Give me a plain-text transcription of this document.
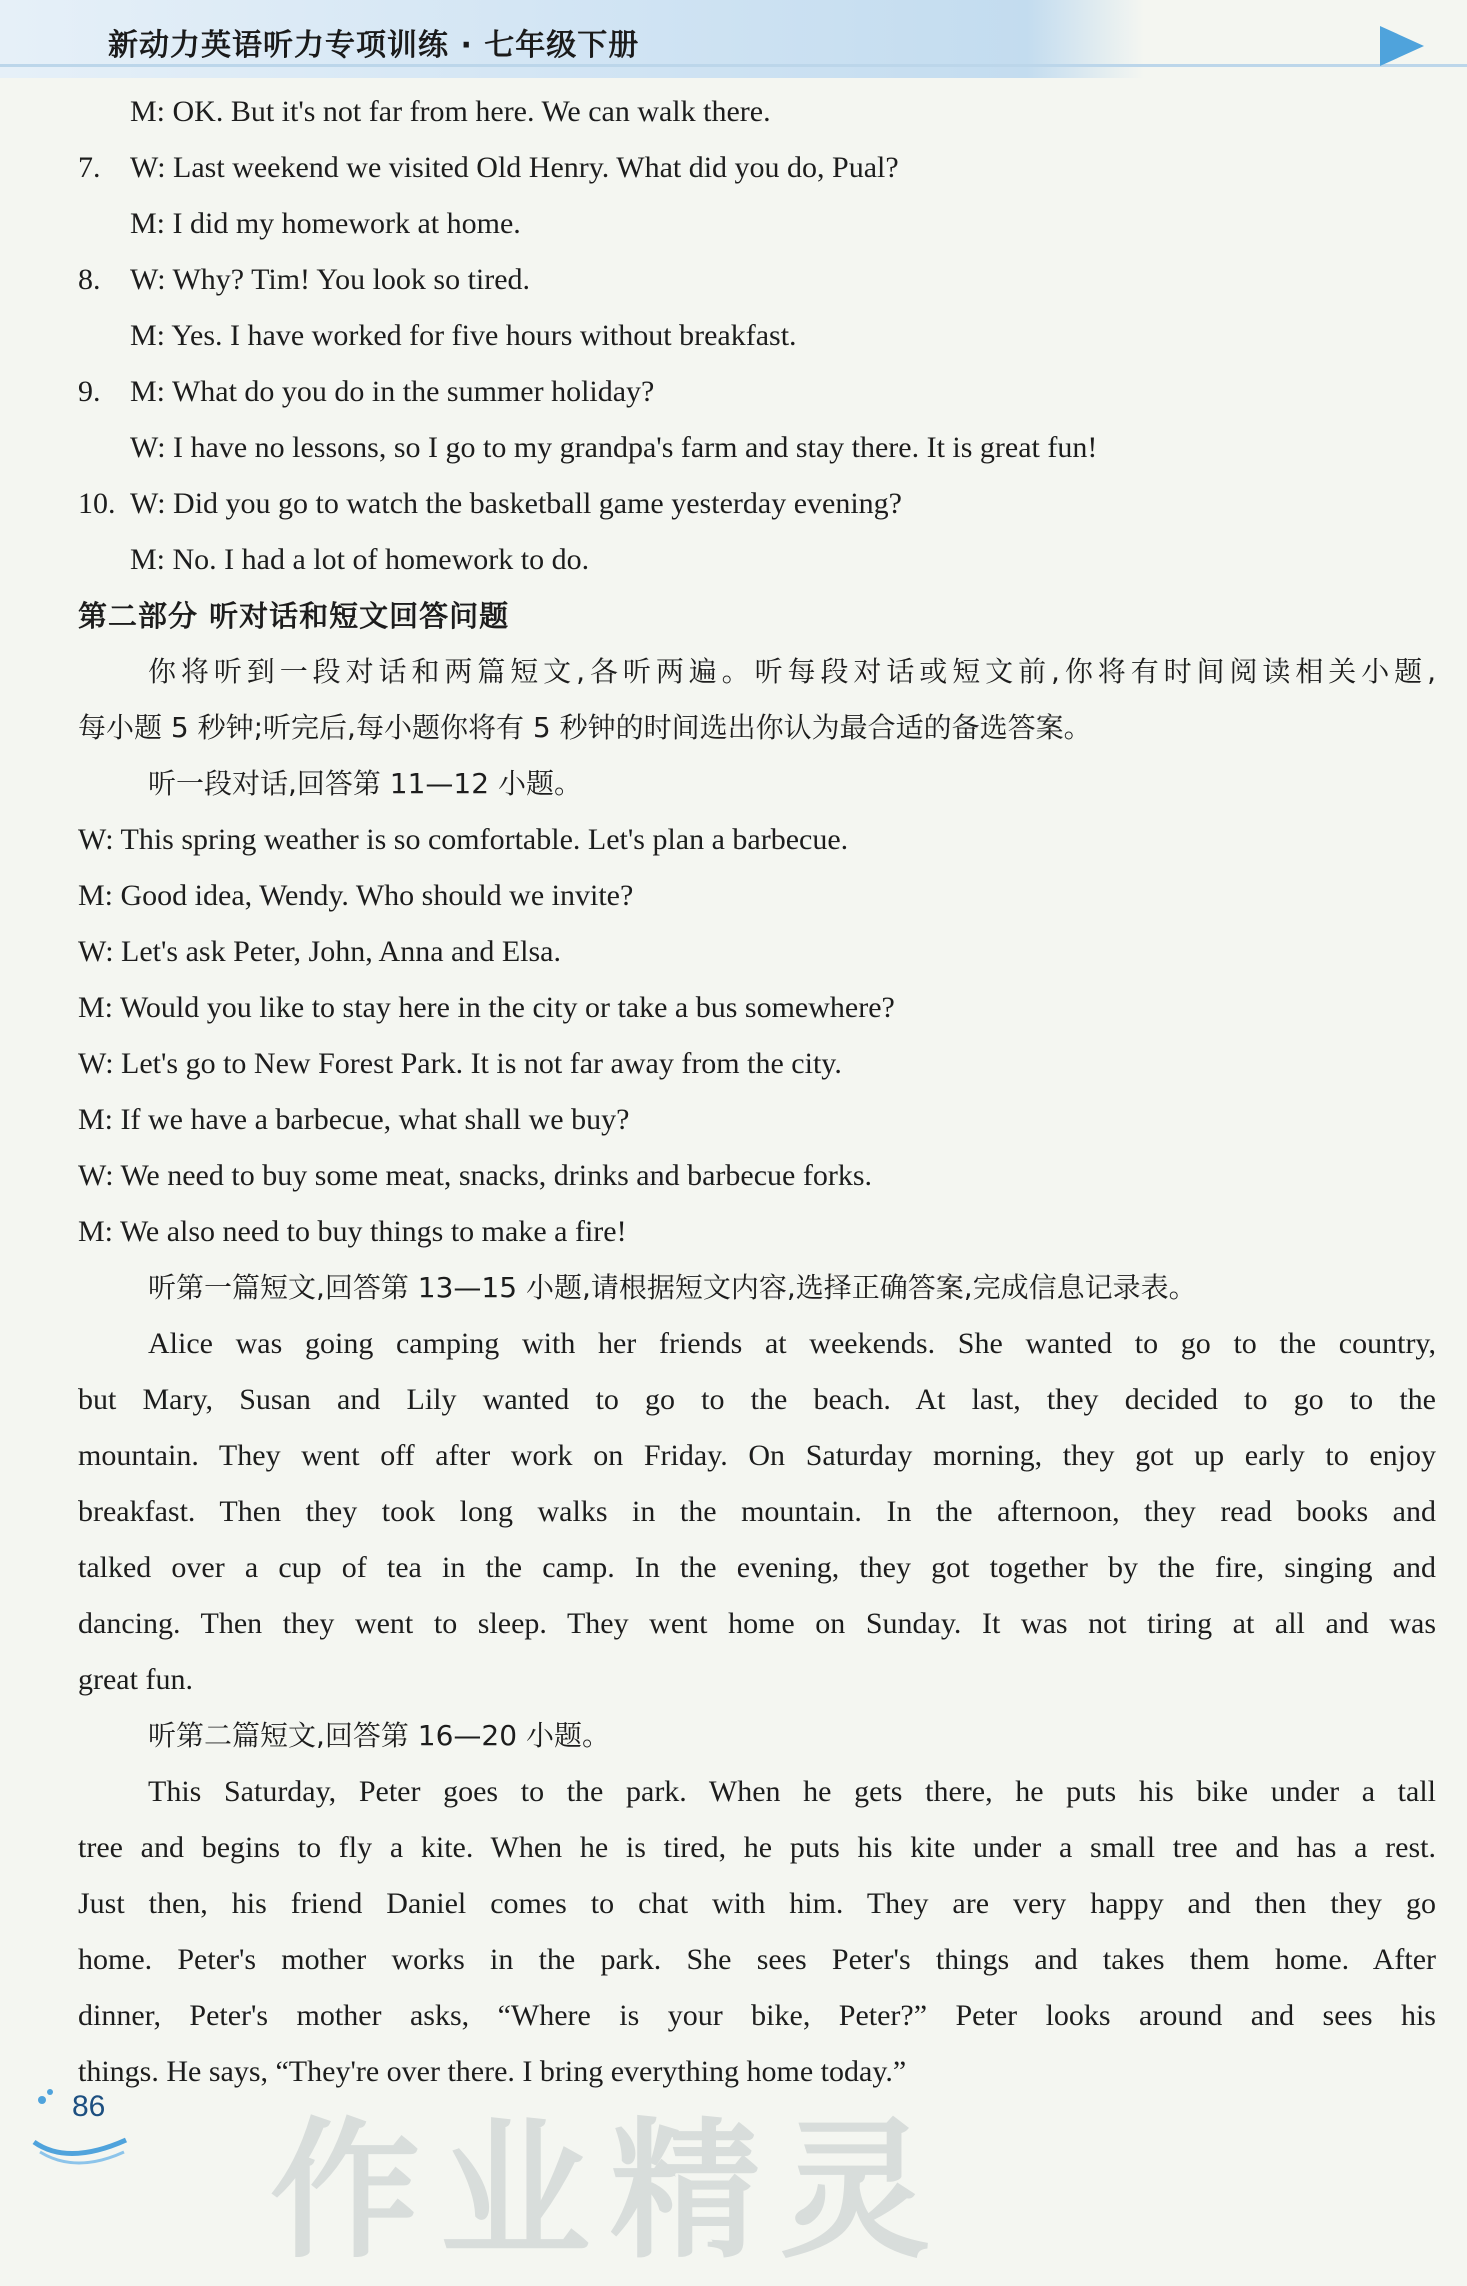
新动力英语听力专项训练 · 七年级下册
M: OK. But it's not far from here. We can walk there.
7. W: Last weekend we visited Old Henry. What did you do, Pual?
M: I did my homework at home.
8. W: Why? Tim! You look so tired.
M: Yes. I have worked for five hours without breakfast.
9. M: What do you do in the summer holiday?
W: I have no lessons, so I go to my grandpa's farm and stay there. It is great fun!
10. W: Did you go to watch the basketball game yesterday evening?
M: No. I had a lot of homework to do.
第二部分 听对话和短文回答问题
你将听到一段对话和两篇短文,各听两遍。听每段对话或短文前,你将有时间阅读相关小题,
每小题 5 秒钟;听完后,每小题你将有 5 秒钟的时间选出你认为最合适的备选答案。
听一段对话,回答第 11—12 小题。
W: This spring weather is so comfortable. Let's plan a barbecue.
M: Good idea, Wendy. Who should we invite?
W: Let's ask Peter, John, Anna and Elsa.
M: Would you like to stay here in the city or take a bus somewhere?
W: Let's go to New Forest Park. It is not far away from the city.
M: If we have a barbecue, what shall we buy?
W: We need to buy some meat, snacks, drinks and barbecue forks.
M: We also need to buy things to make a fire!
听第一篇短文,回答第 13—15 小题,请根据短文内容,选择正确答案,完成信息记录表。
Alice was going camping with her friends at weekends. She wanted to go to the country,
but Mary, Susan and Lily wanted to go to the beach. At last, they decided to go to the
mountain. They went off after work on Friday. On Saturday morning, they got up early to enjoy
breakfast. Then they took long walks in the mountain. In the afternoon, they read books and
talked over a cup of tea in the camp. In the evening, they got together by the fire, singing and
dancing. Then they went to sleep. They went home on Sunday. It was not tiring at all and was
great fun.
听第二篇短文,回答第 16—20 小题。
This Saturday, Peter goes to the park. When he gets there, he puts his bike under a tall
tree and begins to fly a kite. When he is tired, he puts his kite under a small tree and has a rest.
Just then, his friend Daniel comes to chat with him. They are very happy and then they go
home. Peter's mother works in the park. She sees Peter's things and takes them home. After
dinner, Peter's mother asks, “Where is your bike, Peter?” Peter looks around and sees his
things. He says, “They're over there. I bring everything home today.”
86 作业精灵
